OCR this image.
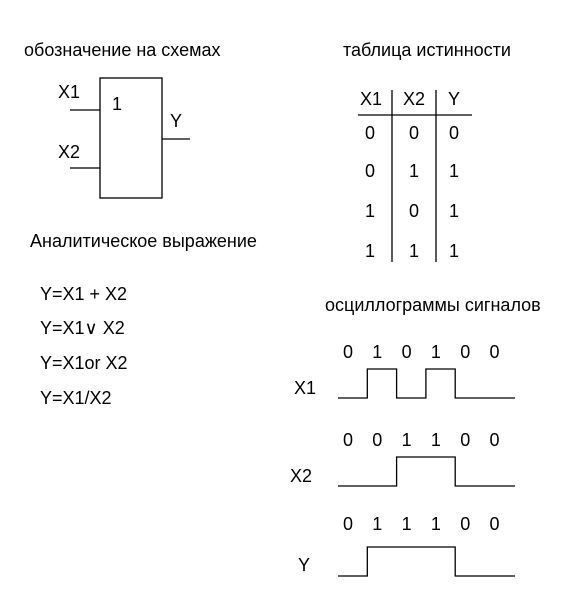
обозначение на схемах
X1
1
Y
X2
таблица истинности
X1 X2 Y
0 0 0
0 1 1
1 0 1
1 1 1
Аналитическое выражение
Y=X1 + X2
Y=X1∨ X2
Y=X1or X2
Y=X1/X2
осциллограммы сигналов
X1
X2
Y
0 1 0 1 0 0
0 0 1 1 0 0
0 1 1 1 0 0
